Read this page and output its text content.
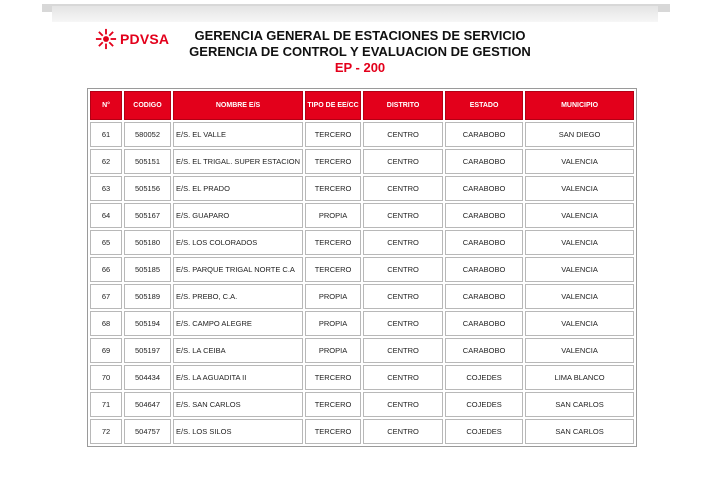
PDVSA	GERENCIA GENERAL DE ESTACIONES DE SERVICIO
GERENCIA DE CONTROL Y EVALUACION DE GESTION
EP - 200
N°	CODIGO	NOMBRE E/S	TIPO DE EE/CC	DISTRITO	ESTADO	MUNICIPIO
61	580052	E/S. EL VALLE	TERCERO	CENTRO	CARABOBO	SAN DIEGO
62	505151	E/S. EL TRIGAL. SUPER ESTACION	TERCERO	CENTRO	CARABOBO	VALENCIA
63	505156	E/S. EL PRADO	TERCERO	CENTRO	CARABOBO	VALENCIA
64	505167	E/S. GUAPARO	PROPIA	CENTRO	CARABOBO	VALENCIA
65	505180	E/S. LOS COLORADOS	TERCERO	CENTRO	CARABOBO	VALENCIA
66	505185	E/S. PARQUE TRIGAL NORTE C.A	TERCERO	CENTRO	CARABOBO	VALENCIA
67	505189	E/S. PREBO, C.A.	PROPIA	CENTRO	CARABOBO	VALENCIA
68	505194	E/S. CAMPO ALEGRE	PROPIA	CENTRO	CARABOBO	VALENCIA
69	505197	E/S. LA CEIBA	PROPIA	CENTRO	CARABOBO	VALENCIA
70	504434	E/S. LA AGUADITA II	TERCERO	CENTRO	COJEDES	LIMA BLANCO
71	504647	E/S. SAN CARLOS	TERCERO	CENTRO	COJEDES	SAN CARLOS
72	504757	E/S. LOS SILOS	TERCERO	CENTRO	COJEDES	SAN CARLOS
